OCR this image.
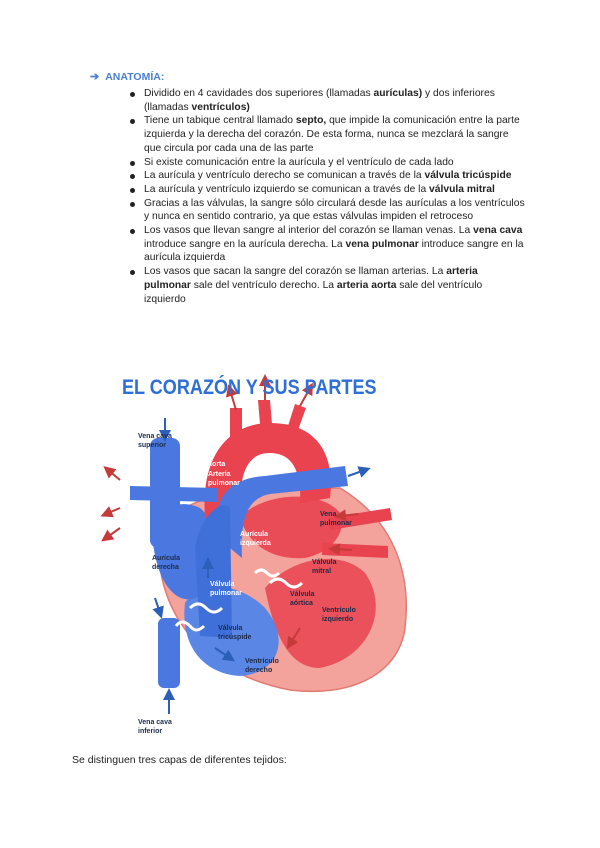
➔ ANATOMÍA:
Dividido en 4 cavidades dos superiores (llamadas aurículas) y dos inferiores (llamadas ventrículos)
Tiene un tabique central llamado septo, que impide la comunicación entre la parte izquierda y la derecha del corazón. De esta forma, nunca se mezclará la sangre que circula por cada una de las parte
Si existe comunicación entre la aurícula y el ventrículo de cada lado
La aurícula y ventrículo derecho se comunican a través de la válvula tricúspide
La aurícula y ventrículo izquierdo se comunican a través de la válvula mitral
Gracias a las válvulas, la sangre sólo circulará desde las aurículas a los ventrículos y nunca en sentido contrario, ya que estas válvulas impiden el retroceso
Los vasos que llevan sangre al interior del corazón se llaman venas. La vena cava introduce sangre en la aurícula derecha. La vena pulmonar introduce sangre en la aurícula izquierda
Los vasos que sacan la sangre del corazón se llaman arterias. La arteria pulmonar sale del ventrículo derecho. La arteria aorta sale del ventrículo izquierdo
Vena cava
superior
Aorta
Arteria
pulmonar
Vena
pulmonar
Aurícula
izquierda
Aurícula
derecha
Válvula
mitral
Válvula
pulmonar	Válvula
aórtica
Ventrículo
izquierdo
Válvula
tricúspide
Ventrículo
derecho
Vena cava
inferior
EL CORAZÓN Y SUS PARTES
Se distinguen tres capas de diferentes tejidos:
